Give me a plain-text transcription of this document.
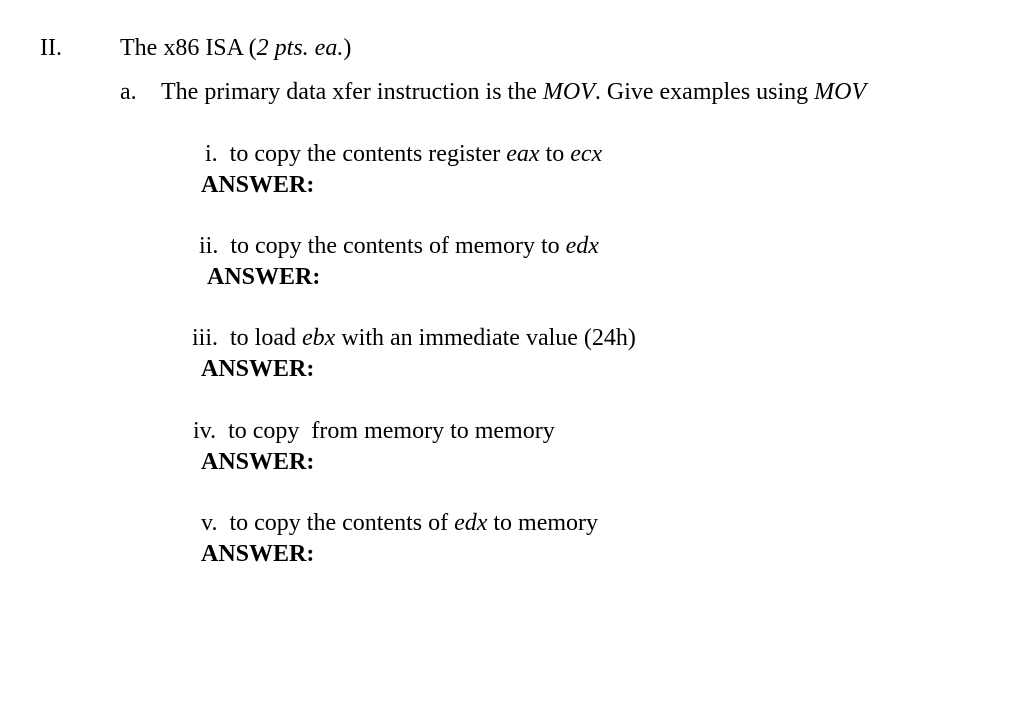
II. The x86 ISA (2 pts. ea.)
a. The primary data xfer instruction is the MOV. Give examples using MOV
i. to copy the contents register eax to ecx
ANSWER:
ii. to copy the contents of memory to edx
ANSWER:
iii. to load ebx with an immediate value (24h)
ANSWER:
iv. to copy  from memory to memory
ANSWER:
v. to copy the contents of edx to memory
ANSWER:
